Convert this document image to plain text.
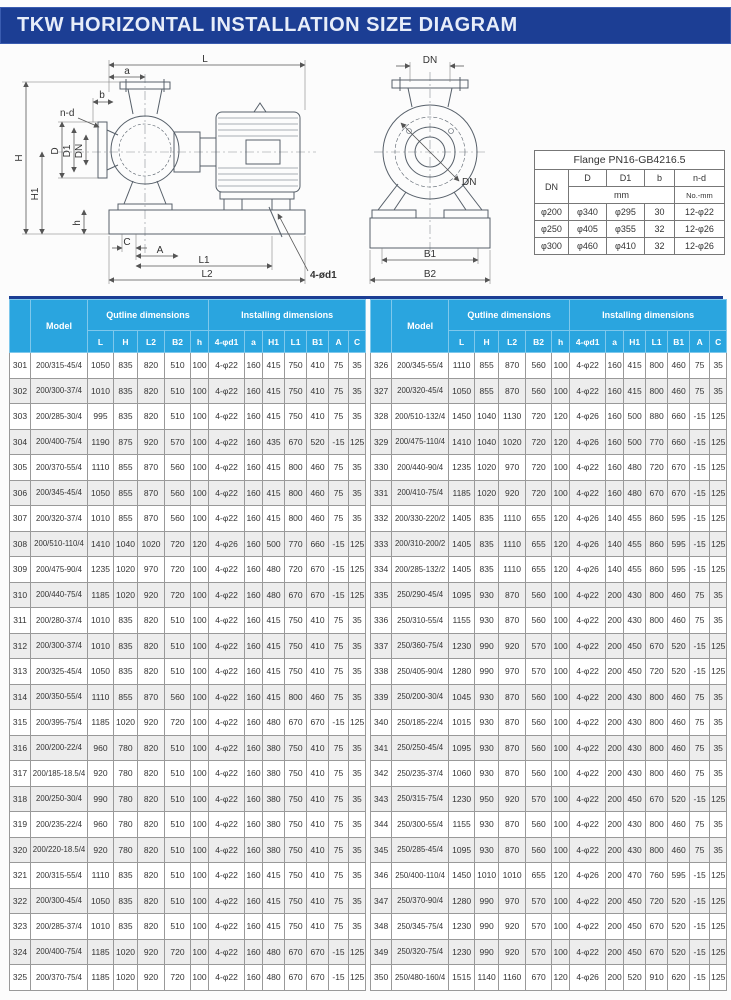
TKW HORIZONTAL INSTALLATION SIZE DIAGRAM
L
a
b
n-d
H
H1
D D1 DN
h
C
A
L1
L2	4-ød1
DN
DN
B1
B2
Flange PN16-GB4216.5				
DN	D	D1	b	n-d
	mm			No.-mm
φ200	φ340	φ295	30	12-φ22
φ250	φ405	φ355	32	12-φ26
φ300	φ460	φ410	32	12-φ26
	Model	Qutline dimensions					Installing dimensions						
		L	H	L2	B2	h	4-φd1	a	H1	L1	B1	A	C
301	200/315-45/4	1050	835	820	510	100	4-φ22	160	415	750	410	75	35
302	200/300-37/4	1010	835	820	510	100	4-φ22	160	415	750	410	75	35
303	200/285-30/4	995	835	820	510	100	4-φ22	160	415	750	410	75	35
304	200/400-75/4	1190	875	920	570	100	4-φ22	160	435	670	520	-15	125
305	200/370-55/4	1110	855	870	560	100	4-φ22	160	415	800	460	75	35
306	200/345-45/4	1050	855	870	560	100	4-φ22	160	415	800	460	75	35
307	200/320-37/4	1010	855	870	560	100	4-φ22	160	415	800	460	75	35
308	200/510-110/4	1410	1040	1020	720	120	4-φ26	160	500	770	660	-15	125
309	200/475-90/4	1235	1020	970	720	100	4-φ22	160	480	720	670	-15	125
310	200/440-75/4	1185	1020	920	720	100	4-φ22	160	480	670	670	-15	125
311	200/280-37/4	1010	835	820	510	100	4-φ22	160	415	750	410	75	35
312	200/300-37/4	1010	835	820	510	100	4-φ22	160	415	750	410	75	35
313	200/325-45/4	1050	835	820	510	100	4-φ22	160	415	750	410	75	35
314	200/350-55/4	1110	855	870	560	100	4-φ22	160	415	800	460	75	35
315	200/395-75/4	1185	1020	920	720	100	4-φ22	160	480	670	670	-15	125
316	200/200-22/4	960	780	820	510	100	4-φ22	160	380	750	410	75	35
317	200/185-18.5/4	920	780	820	510	100	4-φ22	160	380	750	410	75	35
318	200/250-30/4	990	780	820	510	100	4-φ22	160	380	750	410	75	35
319	200/235-22/4	960	780	820	510	100	4-φ22	160	380	750	410	75	35
320	200/220-18.5/4	920	780	820	510	100	4-φ22	160	380	750	410	75	35
321	200/315-55/4	1110	835	820	510	100	4-φ22	160	415	750	410	75	35
322	200/300-45/4	1050	835	820	510	100	4-φ22	160	415	750	410	75	35
323	200/285-37/4	1010	835	820	510	100	4-φ22	160	415	750	410	75	35
324	200/400-75/4	1185	1020	920	720	100	4-φ22	160	480	670	670	-15	125
325	200/370-75/4	1185	1020	920	720	100	4-φ22	160	480	670	670	-15	125
	Model	Qutline dimensions					Installing dimensions						
		L	H	L2	B2	h	4-φd1	a	H1	L1	B1	A	C
326	200/345-55/4	1110	855	870	560	100	4-φ22	160	415	800	460	75	35
327	200/320-45/4	1050	855	870	560	100	4-φ22	160	415	800	460	75	35
328	200/510-132/4	1450	1040	1130	720	120	4-φ26	160	500	880	660	-15	125
329	200/475-110/4	1410	1040	1020	720	120	4-φ26	160	500	770	660	-15	125
330	200/440-90/4	1235	1020	970	720	100	4-φ22	160	480	720	670	-15	125
331	200/410-75/4	1185	1020	920	720	100	4-φ22	160	480	670	670	-15	125
332	200/330-220/2	1405	835	1110	655	120	4-φ26	140	455	860	595	-15	125
333	200/310-200/2	1405	835	1110	655	120	4-φ26	140	455	860	595	-15	125
334	200/285-132/2	1405	835	1110	655	120	4-φ26	140	455	860	595	-15	125
335	250/290-45/4	1095	930	870	560	100	4-φ22	200	430	800	460	75	35
336	250/310-55/4	1155	930	870	560	100	4-φ22	200	430	800	460	75	35
337	250/360-75/4	1230	990	920	570	100	4-φ22	200	450	670	520	-15	125
338	250/405-90/4	1280	990	970	570	100	4-φ22	200	450	720	520	-15	125
339	250/200-30/4	1045	930	870	560	100	4-φ22	200	430	800	460	75	35
340	250/185-22/4	1015	930	870	560	100	4-φ22	200	430	800	460	75	35
341	250/250-45/4	1095	930	870	560	100	4-φ22	200	430	800	460	75	35
342	250/235-37/4	1060	930	870	560	100	4-φ22	200	430	800	460	75	35
343	250/315-75/4	1230	950	920	570	100	4-φ22	200	450	670	520	-15	125
344	250/300-55/4	1155	930	870	560	100	4-φ22	200	430	800	460	75	35
345	250/285-45/4	1095	930	870	560	100	4-φ22	200	430	800	460	75	35
346	250/400-110/4	1450	1010	1010	655	120	4-φ26	200	470	760	595	-15	125
347	250/370-90/4	1280	990	970	570	100	4-φ22	200	450	720	520	-15	125
348	250/345-75/4	1230	990	920	570	100	4-φ22	200	450	670	520	-15	125
349	250/320-75/4	1230	990	920	570	100	4-φ22	200	450	670	520	-15	125
350	250/480-160/4	1515	1140	1160	670	120	4-φ26	200	520	910	620	-15	125
